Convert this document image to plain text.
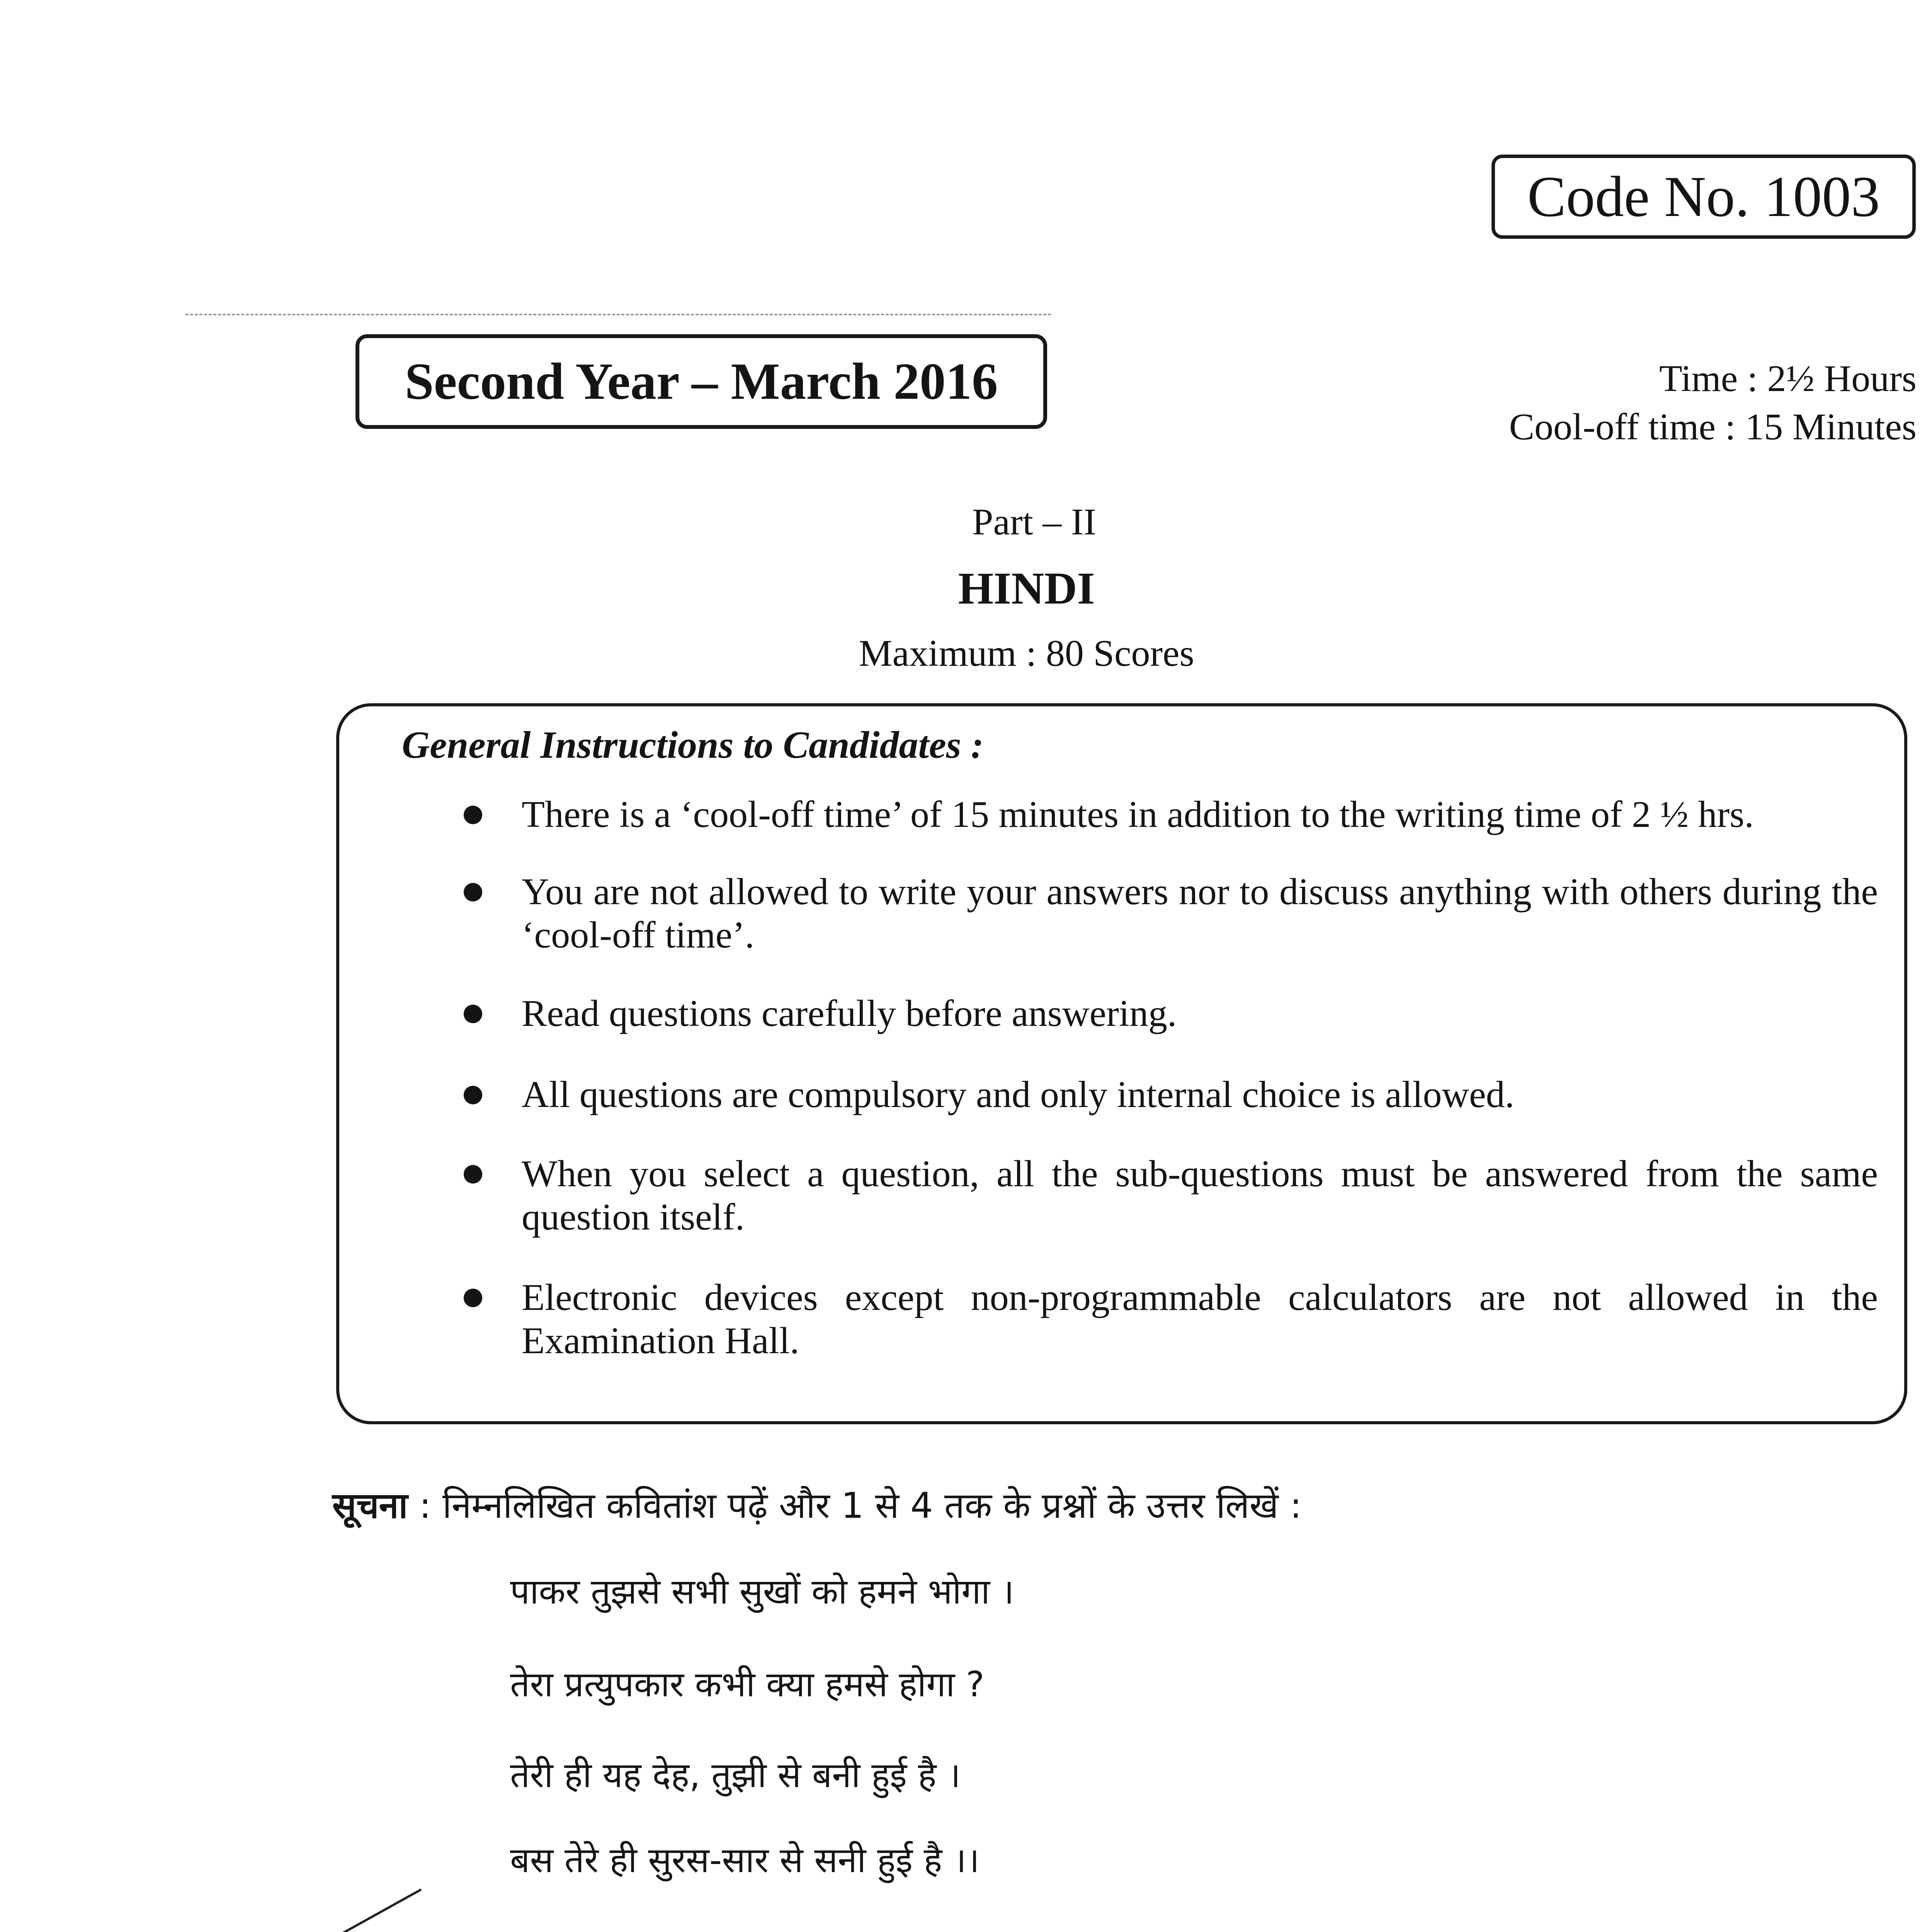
Code No. 1003
Second Year – March 2016	Time : 2½ Hours
Cool-off time : 15 Minutes
Part – II
HINDI
Maximum : 80 Scores
General Instructions to Candidates :
There is a ‘cool-off time’ of 15 minutes in addition to the writing time of 2 ½ hrs.
You are not allowed to write your answers nor to discuss anything with others during the ‘cool-off time’.
Read questions carefully before answering.
All questions are compulsory and only internal choice is allowed.
When you select a question, all the sub-questions must be answered from the same question itself.
Electronic devices except non-programmable calculators are not allowed in the Examination Hall.
सूचना : निम्नलिखित कवितांश पढ़ें और 1 से 4 तक के प्रश्नों के उत्तर लिखें :
पाकर तुझसे सभी सुखों को हमने भोगा ।
तेरा प्रत्युपकार कभी क्या हमसे होगा ?
तेरी ही यह देह, तुझी से बनी हुई है ।
बस तेरे ही सुरस-सार से सनी हुई है ।।
